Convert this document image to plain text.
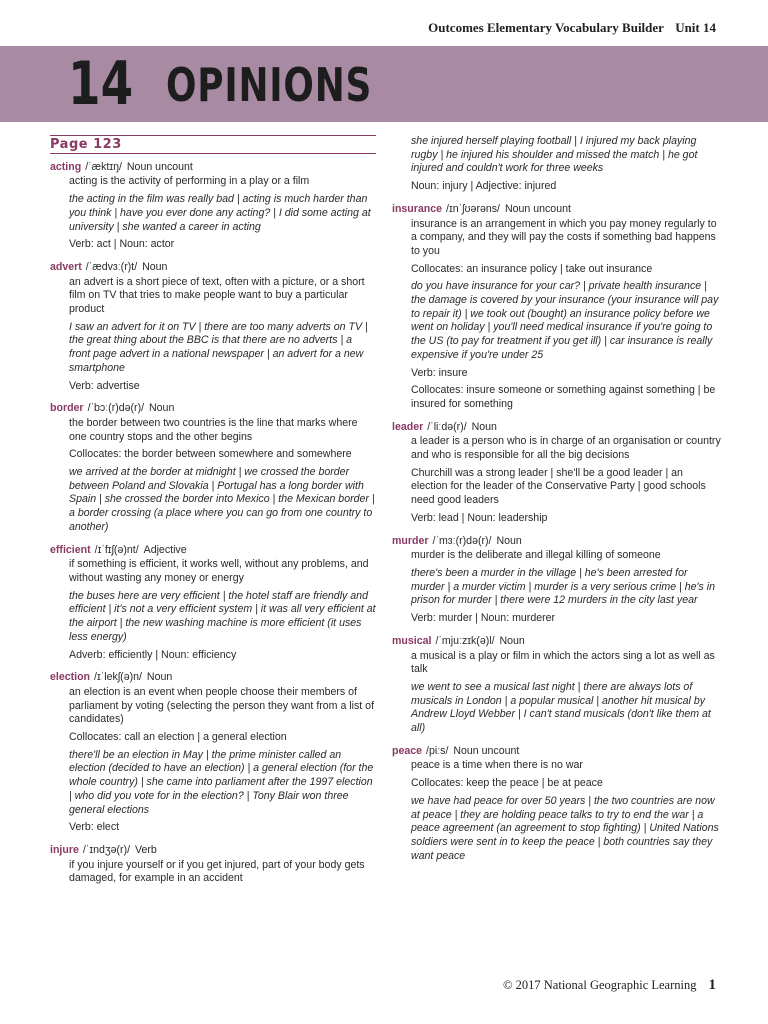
Outcomes Elementary Vocabulary Builder Unit 14
14 OPINIONS
Page 123
acting /ˈæktɪŋ/ Noun uncount
acting is the activity of performing in a play or a film
the acting in the film was really bad | acting is much harder than you think | have you ever done any acting? | I did some acting at university | she wanted a career in acting
Verb: act | Noun: actor
advert /ˈædvɜː(r)t/ Noun
an advert is a short piece of text, often with a picture, or a short film on TV that tries to make people want to buy a particular product
I saw an advert for it on TV | there are too many adverts on TV | the great thing about the BBC is that there are no adverts | a front page advert in a national newspaper | an advert for a new smartphone
Verb: advertise
border /ˈbɔː(r)də(r)/ Noun
the border between two countries is the line that marks where one country stops and the other begins
Collocates: the border between somewhere and somewhere
we arrived at the border at midnight | we crossed the border between Poland and Slovakia | Portugal has a long border with Spain | she crossed the border into Mexico | the Mexican border | a border crossing (a place where you can go from one country to another)
efficient /ɪˈfɪʃ(ə)nt/ Adjective
if something is efficient, it works well, without any problems, and without wasting any money or energy
the buses here are very efficient | the hotel staff are friendly and efficient | it's not a very efficient system | it was all very efficient at the airport | the new washing machine is more efficient (it uses less energy)
Adverb: efficiently | Noun: efficiency
election /ɪˈlekʃ(ə)n/ Noun
an election is an event when people choose their members of parliament by voting (selecting the person they want from a list of candidates)
Collocates: call an election | a general election
there'll be an election in May | the prime minister called an election (decided to have an election) | a general election (for the whole country) | she came into parliament after the 1997 election | who did you vote for in the election? | Tony Blair won three general elections
Verb: elect
injure /ˈɪndʒə(r)/ Verb
if you injure yourself or if you get injured, part of your body gets damaged, for example in an accident
she injured herself playing football | I injured my back playing rugby | he injured his shoulder and missed the match | he got injured and couldn't work for three weeks
Noun: injury | Adjective: injured
insurance /ɪnˈʃʊərəns/ Noun uncount
insurance is an arrangement in which you pay money regularly to a company, and they will pay the costs if something bad happens to you
Collocates: an insurance policy | take out insurance
do you have insurance for your car? | private health insurance | the damage is covered by your insurance (your insurance will pay to repair it) | we took out (bought) an insurance policy before we went on holiday | you'll need medical insurance if you're going to the US (to pay for treatment if you get ill) | car insurance is really expensive if you're under 25
Verb: insure
Collocates: insure someone or something against something | be insured for something
leader /ˈliːdə(r)/ Noun
a leader is a person who is in charge of an organisation or country and who is responsible for all the big decisions
Churchill was a strong leader | she'll be a good leader | an election for the leader of the Conservative Party | good schools need good leaders
Verb: lead | Noun: leadership
murder /ˈmɜː(r)də(r)/ Noun
murder is the deliberate and illegal killing of someone
there's been a murder in the village | he's been arrested for murder | a murder victim | murder is a very serious crime | he's in prison for murder | there were 12 murders in the city last year
Verb: murder | Noun: murderer
musical /ˈmjuːzɪk(ə)l/ Noun
a musical is a play or film in which the actors sing a lot as well as talk
we went to see a musical last night | there are always lots of musicals in London | a popular musical | another hit musical by Andrew Lloyd Webber | I can't stand musicals (don't like them at all)
peace /piːs/ Noun uncount
peace is a time when there is no war
Collocates: keep the peace | be at peace
we have had peace for over 50 years | the two countries are now at peace | they are holding peace talks to try to end the war | a peace agreement (an agreement to stop fighting) | United Nations soldiers were sent in to keep the peace | both countries say they want peace
© 2017 National Geographic Learning 1
